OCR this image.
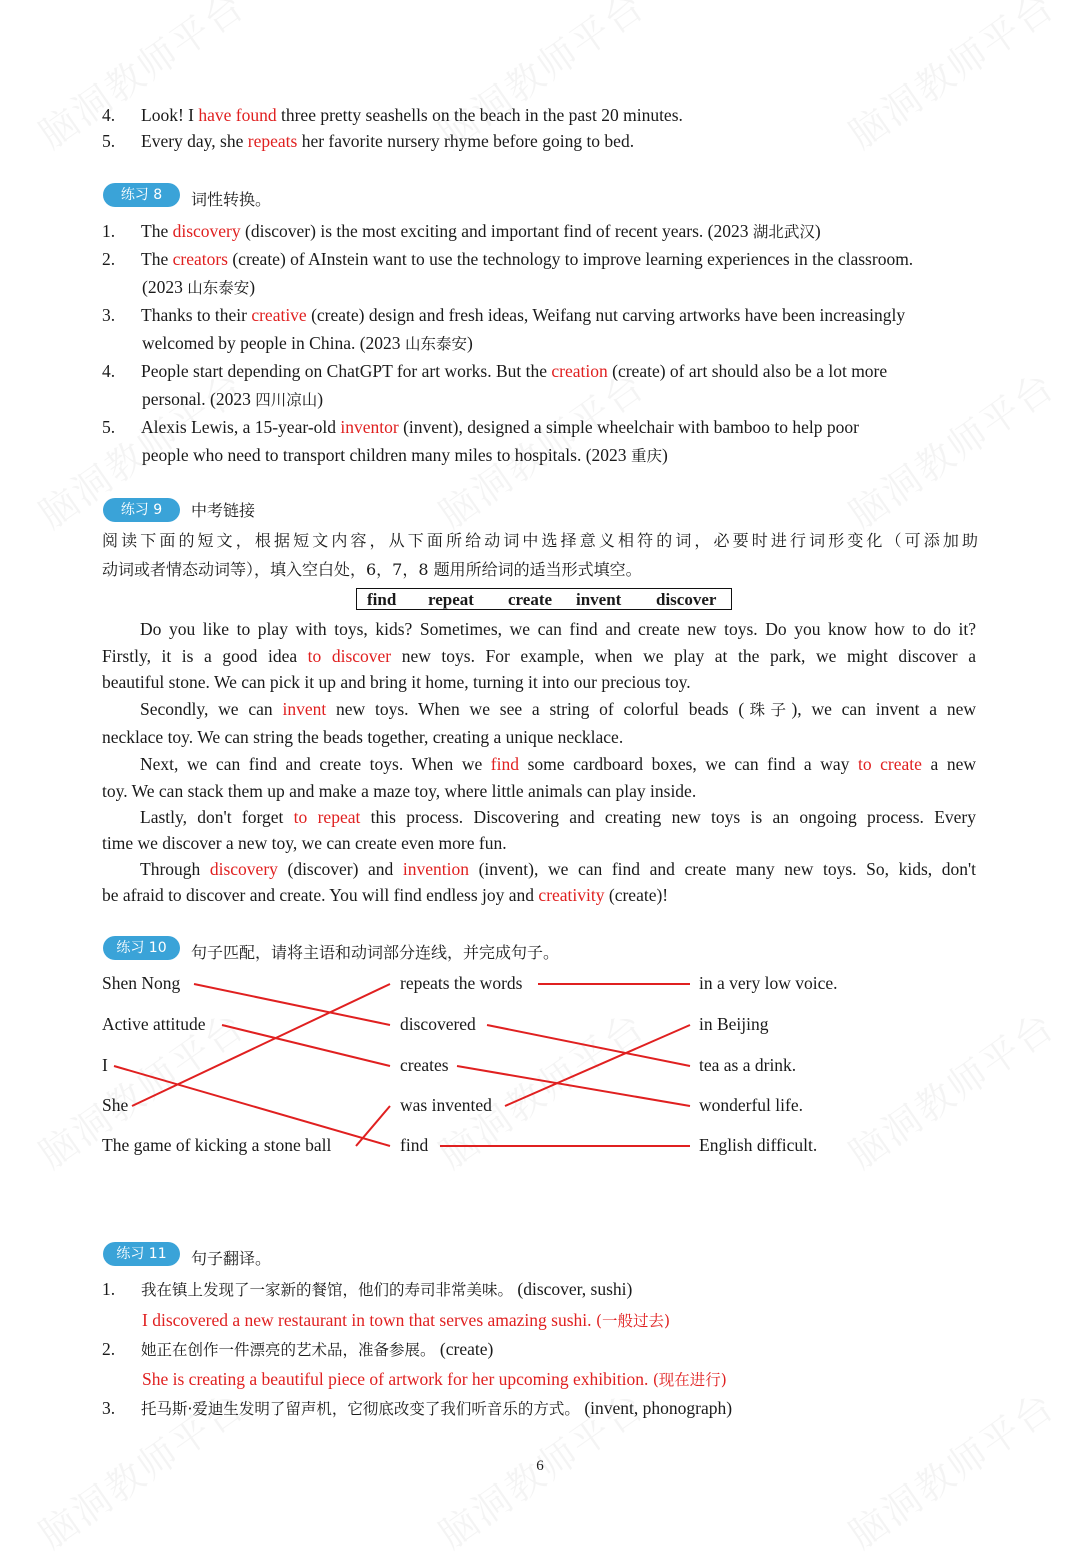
4. Look! I have found three pretty seashells on the beach in the past 20 minutes.
5. Every day, she repeats her favorite nursery rhyme before going to bed.
练习 8	词性转换。
1. The discovery (discover) is the most exciting and important find of recent years. (2023 湖北武汉)
2. The creators (create) of AInstein want to use the technology to improve learning experiences in the classroom.
(2023 山东泰安)
3. Thanks to their creative (create) design and fresh ideas, Weifang nut carving artworks have been increasingly
welcomed by people in China. (2023 山东泰安)
4. People start depending on ChatGPT for art works. But the creation (create) of art should also be a lot more
personal. (2023 四川凉山)
5. Alexis Lewis, a 15-year-old inventor (invent), designed a simple wheelchair with bamboo to help poor
people who need to transport children many miles to hospitals. (2023 重庆)
练习 9	中考链接
阅读下面的短文，根据短文内容，从下面所给动词中选择意义相符的词，必要时进行词形变化（可添加助
动词或者情态动词等），填入空白处，6，7，8 题用所给词的适当形式填空。
find repeat create invent discover
Do you like to play with toys, kids? Sometimes, we can find and create new toys. Do you know how to do it?
Firstly, it is a good idea to discover new toys. For example, when we play at the park, we might discover a
beautiful stone. We can pick it up and bring it home, turning it into our precious toy.
Secondly, we can invent new toys. When we see a string of colorful beads (珠子), we can invent a new
necklace toy. We can string the beads together, creating a unique necklace.
Next, we can find and create toys. When we find some cardboard boxes, we can find a way to create a new
toy. We can stack them up and make a maze toy, where little animals can play inside.
Lastly, don't forget to repeat this process. Discovering and creating new toys is an ongoing process. Every
time we discover a new toy, we can create even more fun.
Through discovery (discover) and invention (invent), we can find and create many new toys. So, kids, don't
be afraid to discover and create. You will find endless joy and creativity (create)!
练习 10	句子匹配，请将主语和动词部分连线，并完成句子。
Shen Nong
Active attitude
I
She
The game of kicking a stone ball
repeats the words
discovered
creates
was invented
find
in a very low voice.
in Beijing
tea as a drink.
wonderful life.
English difficult.
练习 11	句子翻译。
1. 我在镇上发现了一家新的餐馆，他们的寿司非常美味。 (discover, sushi)
I discovered a new restaurant in town that serves amazing sushi. (一般过去)
2. 她正在创作一件漂亮的艺术品，准备参展。 (create)
She is creating a beautiful piece of artwork for her upcoming exhibition. (现在进行)
3. 托马斯·爱迪生发明了留声机，它彻底改变了我们听音乐的方式。 (invent, phonograph)
6
